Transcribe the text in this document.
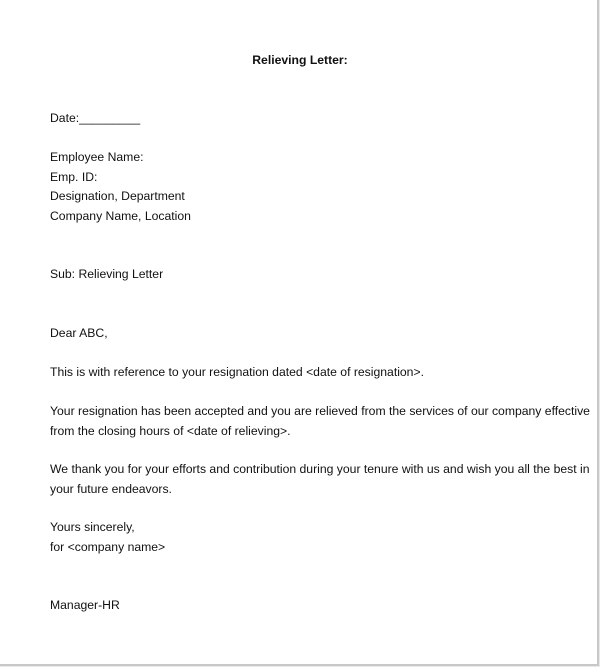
Relieving Letter:
Date:_________
Employee Name:
Emp. ID:
Designation, Department
Company Name, Location
Sub: Relieving Letter
Dear ABC,
This is with reference to your resignation dated <date of resignation>.
Your resignation has been accepted and you are relieved from the services of our company effective
from the closing hours of <date of relieving>.
We thank you for your efforts and contribution during your tenure with us and wish you all the best in
your future endeavors.
Yours sincerely,
for <company name>
Manager-HR
